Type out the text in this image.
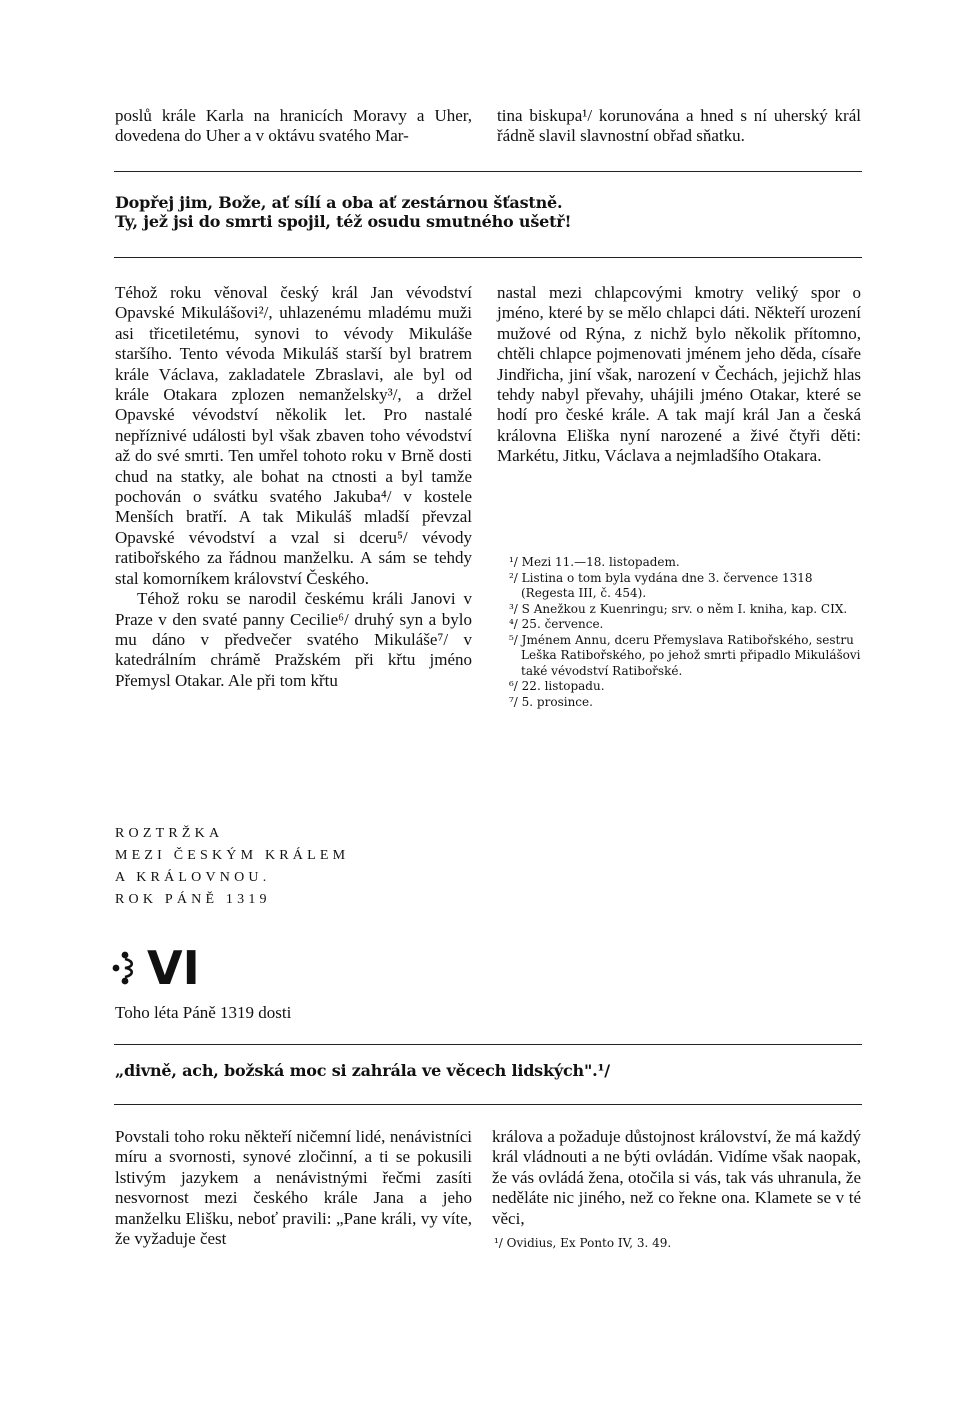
poslů krále Karla na hranicích Moravy a Uher, dovedena do Uher a v oktávu svatého Mar-
tina biskupa¹/ korunována a hned s ní uherský král řádně slavil slavnostní obřad sňatku.
Dopřej jim, Bože, ať sílí a oba ať zestárnou šťastně.
Ty, jež jsi do smrti spojil, též osudu smutného ušetř!

Téhož roku věnoval český král Jan vévodství Opavské Mikulášovi²/, uhlazenému mladému muži asi třicetiletému, synovi to vévody Mikuláše staršího. Tento vévoda Mikuláš starší byl bratrem krále Václava, zakladatele Zbraslavi, ale byl od krále Otakara zplozen nemanželsky³/, a držel Opavské vévodství několik let. Pro nastalé nepříznivé události byl však zbaven toho vévodství až do své smrti. Ten umřel tohoto roku v Brně dosti chud na statky, ale bohat na ctnosti a byl tamže pochován o svátku svatého Jakuba⁴/ v kostele Menších bratří. A tak Mikuláš mladší převzal Opavské vévodství a vzal si dceru⁵/ vévody ratibořského za řádnou manželku. A sám se tehdy stal komorníkem království Českého.

Téhož roku se narodil českému králi Janovi v Praze v den svaté panny Cecilie⁶/ druhý syn a bylo mu dáno v předvečer svatého Mikuláše⁷/ v katedrálním chrámě Pražském při křtu jméno Přemysl Otakar. Ale při tom křtu

nastal mezi chlapcovými kmotry veliký spor o jméno, které by se mělo chlapci dáti. Někteří urození mužové od Rýna, z nichž bylo několik přítomno, chtěli chlapce pojmenovati jménem jeho děda, císaře Jindřicha, jiní však, narození v Čechách, jejichž hlas tehdy nabyl převahy, uhájili jméno Otakar, které se hodí pro české krále. A tak mají král Jan a česká královna Eliška nyní narozené a živé čtyři děti: Markétu, Jitku, Václava a nejmladšího Otakara.

¹/ Mezi 11.—18. listopadem.

²/ Listina o tom byla vydána dne 3. července 1318 (Regesta III, č. 454).

³/ S Anežkou z Kuenringu; srv. o něm I. kniha, kap. CIX.

⁴/ 25. července.

⁵/ Jménem Annu, dceru Přemyslava Ratibořského, sestru Leška Ratibořského, po jehož smrti připadlo Mikulášovi také vévodství Ratibořské.

⁶/ 22. listopadu.

⁷/ 5. prosince.

ROZTRŽKA
MEZI ČESKÝM KRÁLEM
A KRÁLOVNOU.
ROK PÁNĚ 1319
VI
Toho léta Páně 1319 dosti
„divně, ach, božská moc si zahrála ve věcech lidských".¹/
Povstali toho roku někteří ničemní lidé, nenávistníci míru a svornosti, synové zločinní, a ti se pokusili lstivým jazykem a nenávistnými řečmi zasíti nesvornost mezi českého krále Jana a jeho manželku Elišku, neboť pravili: „Pane králi, vy víte, že vyžaduje čest

králova a požaduje důstojnost království, že má každý král vládnouti a ne býti ovládán. Vidíme však naopak, že vás ovládá žena, otočila si vás, tak vás uhranula, že neděláte nic jiného, než co řekne ona. Klamete se v té věci,

¹/ Ovidius, Ex Ponto IV, 3. 49.
